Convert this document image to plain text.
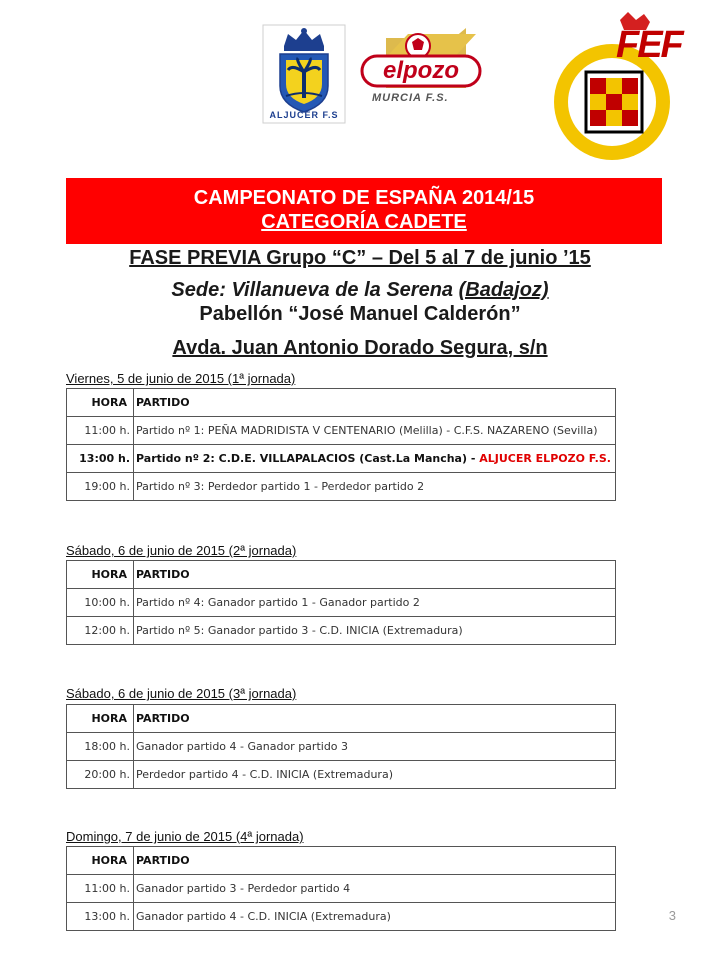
ALJUCER F.S
elpozo
MURCIA F.S.
FEF
CAMPEONATO DE ESPAÑA 2014/15
CATEGORÍA CADETE
FASE PREVIA Grupo “C” – Del 5 al 7 de junio ’15
Sede: Villanueva de la Serena (Badajoz)
Pabellón “José Manuel Calderón”
Avda. Juan Antonio Dorado Segura, s/n
Viernes, 5 de junio de 2015 (1ª jornada)
HORA	PARTIDO
11:00 h.	Partido nº 1: PEÑA MADRIDISTA V CENTENARIO (Melilla) - C.F.S. NAZARENO (Sevilla)
13:00 h.	Partido nº 2: C.D.E. VILLAPALACIOS (Cast.La Mancha) - ALJUCER ELPOZO F.S.
19:00 h.	Partido nº 3: Perdedor partido 1 - Perdedor partido 2
Sábado, 6 de junio de 2015 (2ª jornada)
HORA	PARTIDO
10:00 h.	Partido nº 4: Ganador partido 1 - Ganador partido 2
12:00 h.	Partido nº 5: Ganador partido 3 - C.D. INICIA (Extremadura)
Sábado, 6 de junio de 2015 (3ª jornada)
HORA	PARTIDO
18:00 h.	Ganador partido 4 - Ganador partido 3
20:00 h.	Perdedor partido 4 - C.D. INICIA (Extremadura)
Domingo, 7 de junio de 2015 (4ª jornada)
HORA	PARTIDO
11:00 h.	Ganador partido 3 - Perdedor partido 4
13:00 h.	Ganador partido 4 - C.D. INICIA (Extremadura)	3
